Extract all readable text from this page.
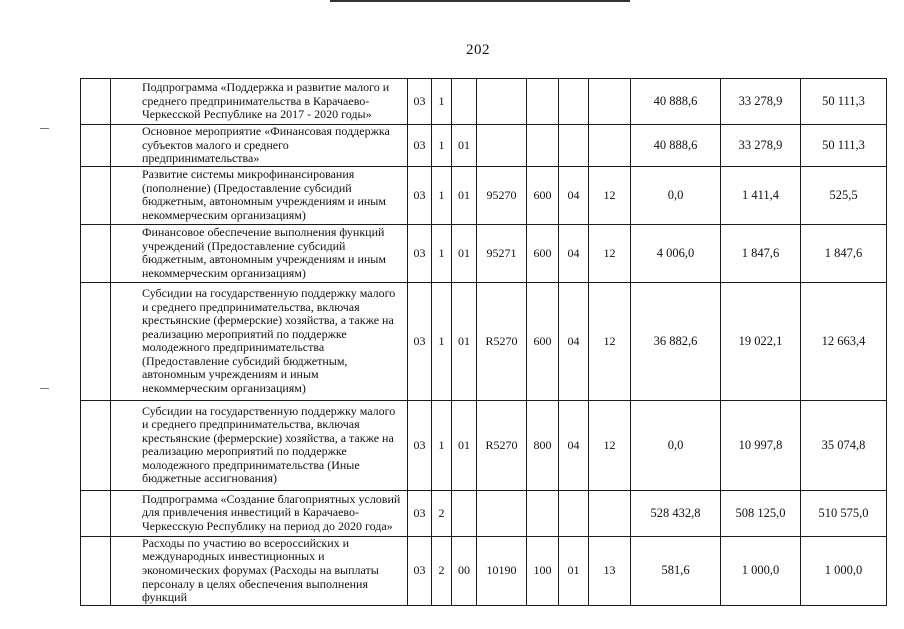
202
	Подпрограмма «Поддержка и развитие малого и среднего предпринимательства в Карачаево-Черкесской Республике на 2017 - 2020 годы»	03	1						40 888,6	33 278,9	50 111,3
	Основное мероприятие «Финансовая поддержка субъектов малого и среднего предпринимательства»	03	1	01					40 888,6	33 278,9	50 111,3
	Развитие системы микрофинансирования (пополнение) (Предоставление субсидий бюджетным, автономным учреждениям и иным некоммерческим организациям)	03	1	01	95270	600	04	12	0,0	1 411,4	525,5
	Финансовое обеспечение выполнения функций учреждений (Предоставление субсидий бюджетным, автономным учреждениям и иным некоммерческим организациям)	03	1	01	95271	600	04	12	4 006,0	1 847,6	1 847,6
	Субсидии на государственную поддержку малого и среднего предпринимательства, включая крестьянские (фермерские) хозяйства, а также на реализацию мероприятий по поддержке молодежного предпринимательства (Предоставление субсидий бюджетным, автономным учреждениям и иным некоммерческим организациям)	03	1	01	R5270	600	04	12	36 882,6	19 022,1	12 663,4
	Субсидии на государственную поддержку малого и среднего предпринимательства, включая крестьянские (фермерские) хозяйства, а также на реализацию мероприятий по поддержке молодежного предпринимательства (Иные бюджетные ассигнования)	03	1	01	R5270	800	04	12	0,0	10 997,8	35 074,8
	Подпрограмма «Создание благоприятных условий для привлечения инвестиций в Карачаево-Черкесскую Республику на период до 2020 года»	03	2						528 432,8	508 125,0	510 575,0
	Расходы по участию во всероссийских и международных инвестиционных и экономических форумах (Расходы на выплаты персоналу в целях обеспечения выполнения функций	03	2	00	10190	100	01	13	581,6	1 000,0	1 000,0
